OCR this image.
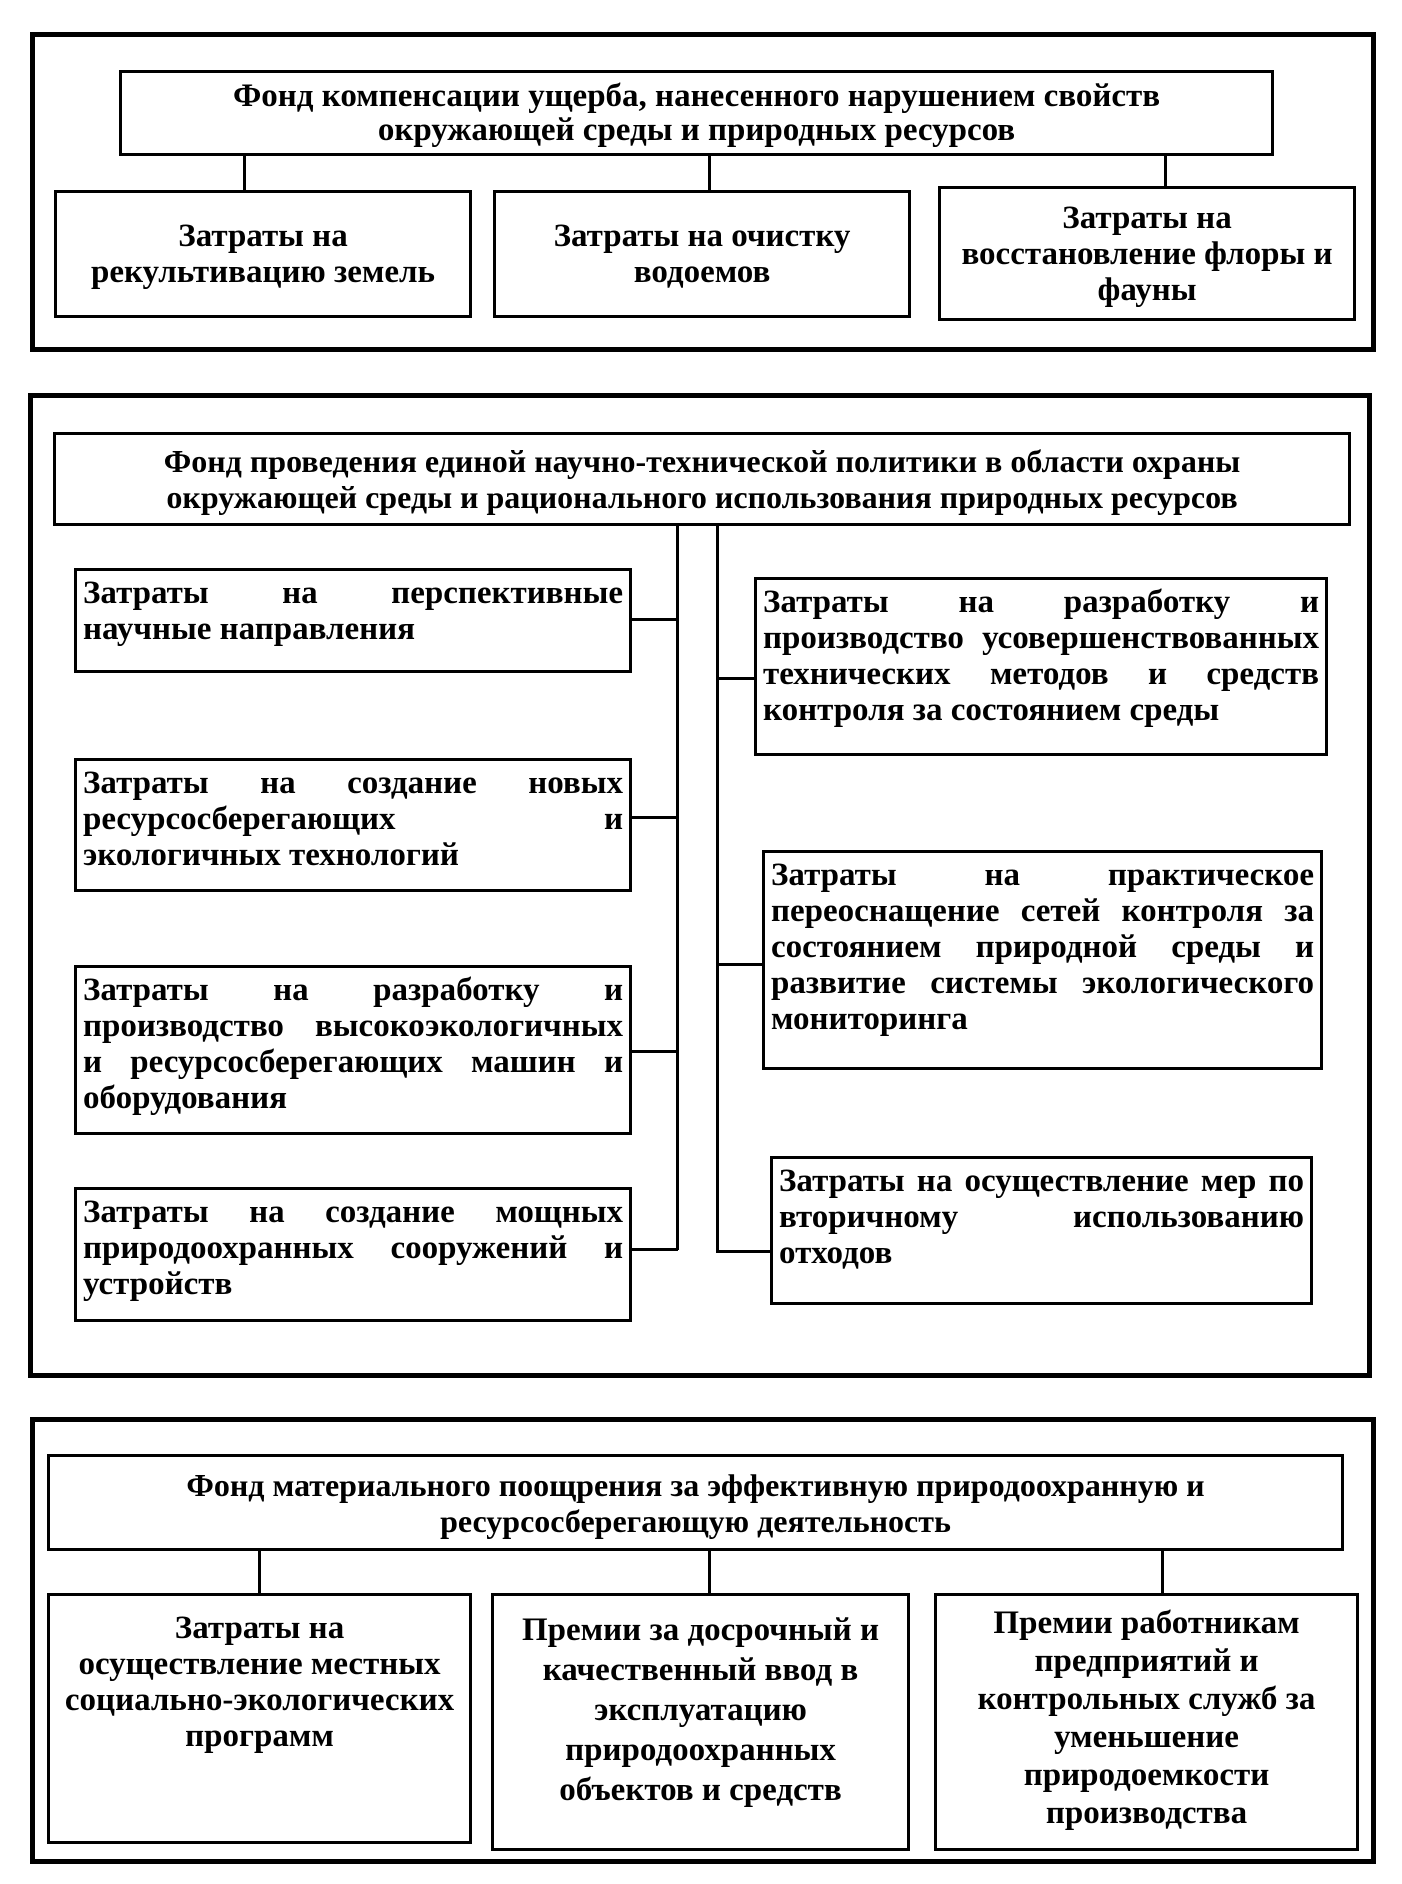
Фонд компенсации ущерба, нанесенного нарушением свойств окружающей среды и природных ресурсов
Затраты на рекультивацию земель
Затраты на очистку водоемов
Затраты на восстановление флоры и фауны
Фонд проведения единой научно-технической политики в области охраны окружающей среды и рационального использования природных ресурсов
Затраты на перспективные научные направления
Затраты на создание новых ресурсосберегающих и экологичных технологий
Затраты на разработку и производство высокоэкологичных и ресурсосберегающих машин и оборудования
Затраты на создание мощных природоохранных сооружений и устройств
Затраты на разработку и производство усовершенствованных технических методов и средств контроля за состоянием среды
Затраты на практическое переоснащение сетей контроля за состоянием природной среды и развитие системы экологического мониторинга
Затраты на осуществление мер по вторичному использованию отходов
Фонд материального поощрения за эффективную природоохранную и ресурсосберегающую деятельность
Затраты на осуществление местных социально-экологических программ
Премии за досрочный и качественный ввод в эксплуатацию природоохранных объектов и средств
Премии работникам предприятий и контрольных служб за уменьшение природоемкости производства
